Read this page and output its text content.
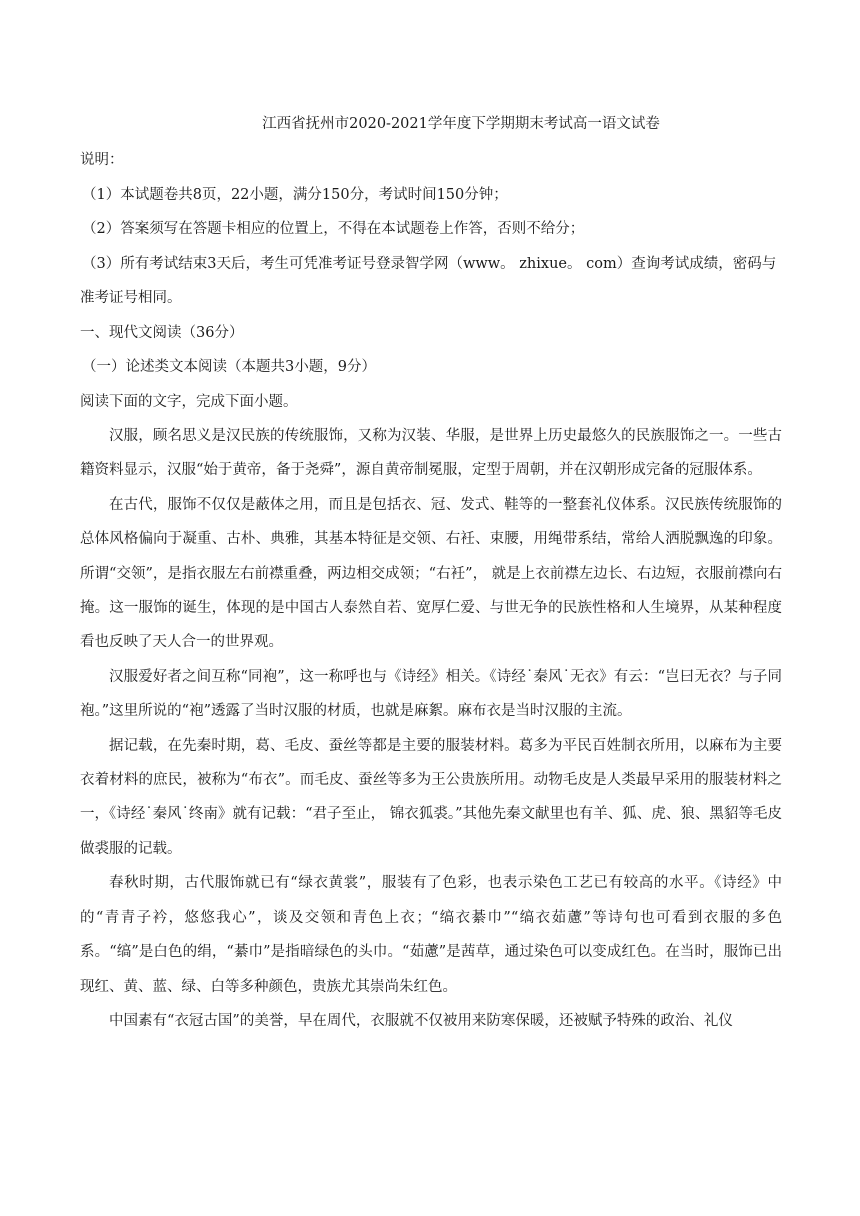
江西省抚州市2020-2021学年度下学期期末考试高一语文试卷

说明：

（1）本试题卷共8页，22小题，满分150分，考试时间150分钟；

（2）答案须写在答题卡相应的位置上，不得在本试题卷上作答，否则不给分；

（3）所有考试结束3天后，考生可凭准考证号登录智学网（www。 zhixue。 com）查询考试成绩，密码与

准考证号相同。

一、现代文阅读（36分）

（一）论述类文本阅读（本题共3小题，9分）

阅读下面的文字，完成下面小题。

汉服，顾名思义是汉民族的传统服饰，又称为汉装、华服，是世界上历史最悠久的民族服饰之一。一些古籍资料显示，汉服“始于黄帝，备于尧舜”，源自黄帝制冕服，定型于周朝，并在汉朝形成完备的冠服体系。

在古代，服饰不仅仅是蔽体之用，而且是包括衣、冠、发式、鞋等的一整套礼仪体系。汉民族传统服饰的总体风格偏向于凝重、古朴、典雅，其基本特征是交领、右衽、束腰，用绳带系结，常给人洒脱飘逸的印象。所谓“交领”，是指衣服左右前襟重叠，两边相交成领；“右衽”， 就是上衣前襟左边长、右边短，衣服前襟向右掩。这一服饰的诞生，体现的是中国古人泰然自若、宽厚仁爱、与世无争的民族性格和人生境界，从某种程度看也反映了天人合一的世界观。

汉服爱好者之间互称“同袍”，这一称呼也与《诗经》相关。《诗经˙秦风˙无衣》有云：“岂曰无衣？与子同袍。”这里所说的“袍”透露了当时汉服的材质，也就是麻絮。麻布衣是当时汉服的主流。

据记载，在先秦时期，葛、毛皮、蚕丝等都是主要的服装材料。葛多为平民百姓制衣所用，以麻布为主要衣着材料的庶民，被称为“布衣”。而毛皮、蚕丝等多为王公贵族所用。动物毛皮是人类最早采用的服装材料之一，《诗经˙秦风˙终南》就有记载：“君子至止， 锦衣狐裘。”其他先秦文献里也有羊、狐、虎、狼、黑貂等毛皮做裘服的记载。

春秋时期，古代服饰就已有“绿衣黄裳”，服装有了色彩，也表示染色工艺已有较高的水平。《诗经》中的“青青子衿，悠悠我心”，谈及交领和青色上衣；“缟衣綦巾”“缟衣茹藘”等诗句也可看到衣服的多色系。“缟”是白色的绢，“綦巾”是指暗绿色的头巾。“茹藘”是茜草，通过染色可以变成红色。在当时，服饰已出现红、黄、蓝、绿、白等多种颜色，贵族尤其崇尚朱红色。

中国素有“衣冠古国”的美誉，早在周代，衣服就不仅被用来防寒保暖，还被赋予特殊的政治、礼仪
